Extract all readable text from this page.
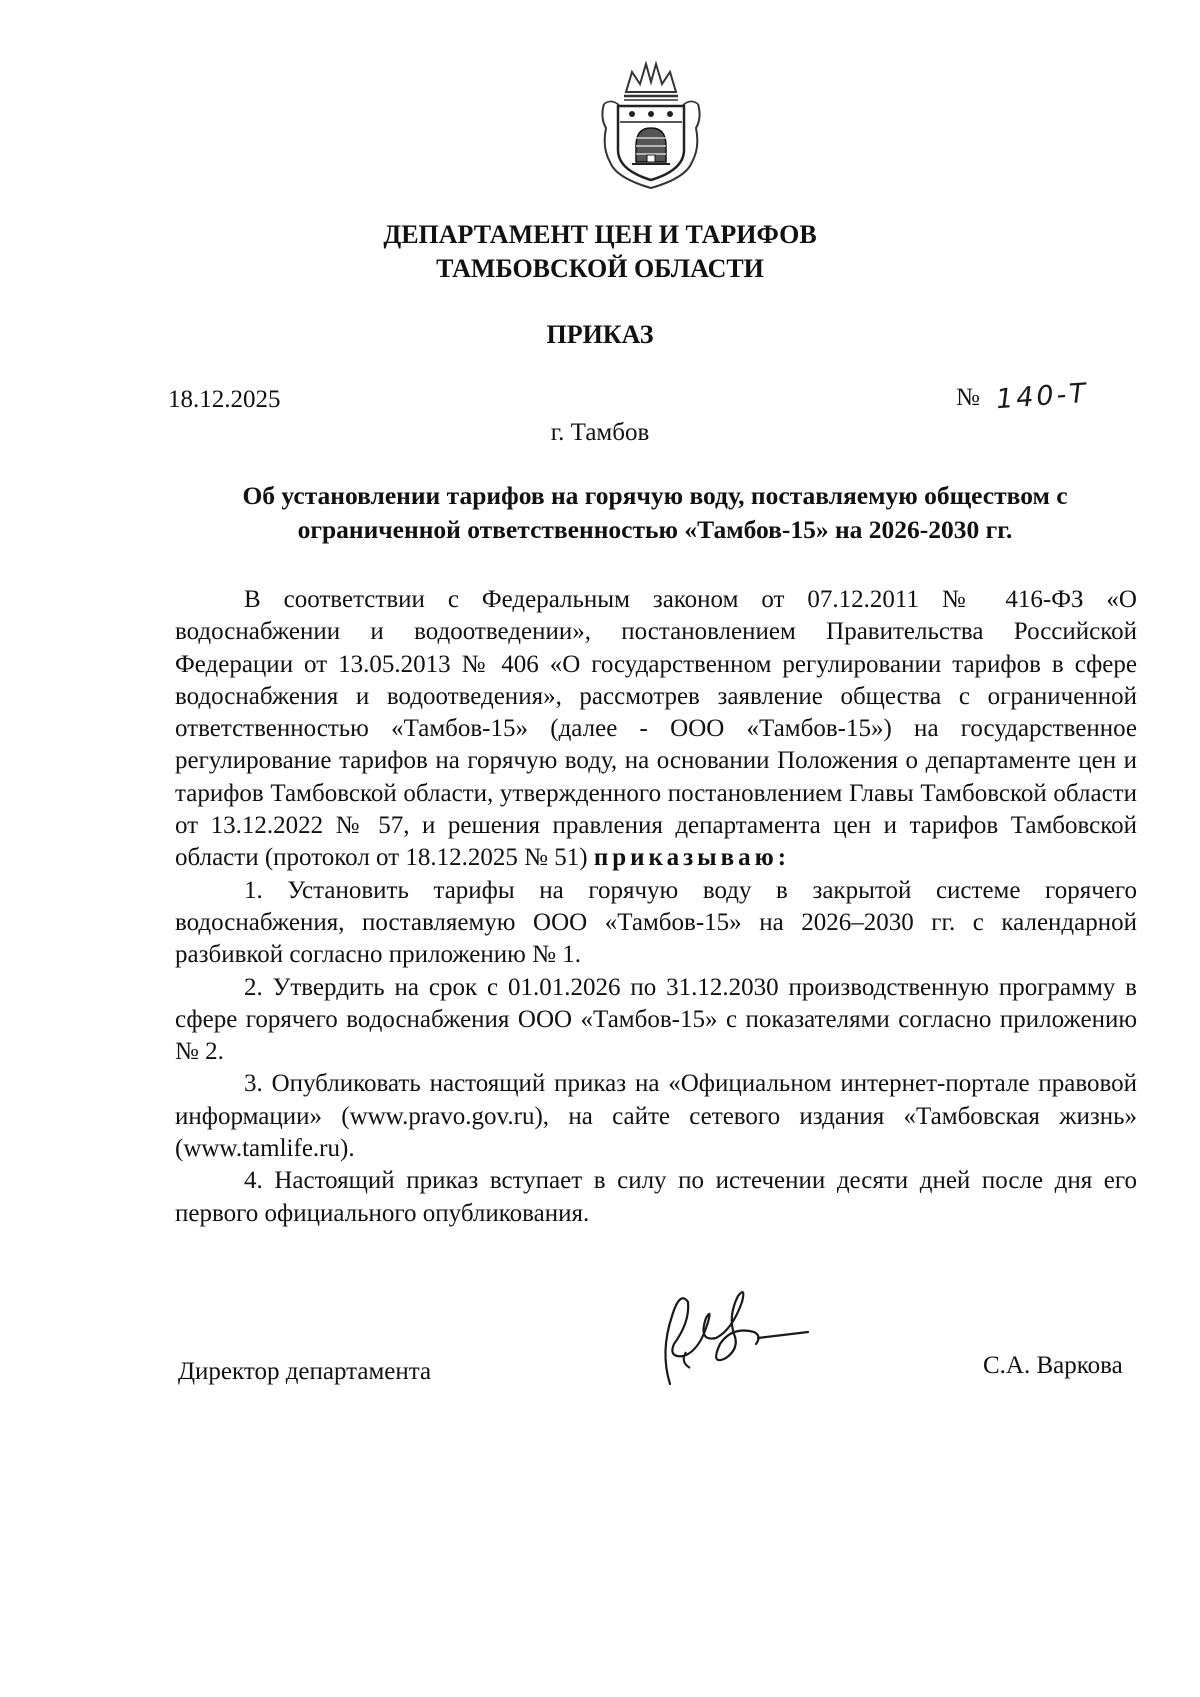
ДЕПАРТАМЕНТ ЦЕН И ТАРИФОВ
ТАМБОВСКОЙ ОБЛАСТИ
ПРИКАЗ
18.12.2025	№ 140-Т
г. Тамбов
Об установлении тарифов на горячую воду, поставляемую обществом с
ограниченной ответственностью «Тамбов-15» на 2026-2030 гг.

В соответствии с Федеральным законом от 07.12.2011 № 416-ФЗ «О водоснабжении и водоотведении», постановлением Правительства Российской Федерации от 13.05.2013 № 406 «О государственном регулировании тарифов в сфере водоснабжения и водоотведения», рассмотрев заявление общества с ограниченной ответственностью «Тамбов-15» (далее - ООО «Тамбов-15») на государственное регулирование тарифов на горячую воду, на основании Положения о департаменте цен и тарифов Тамбовской области, утвержденного постановлением Главы Тамбовской области от 13.12.2022 № 57, и решения правления департамента цен и тарифов Тамбовской области (протокол от 18.12.2025 № 51) приказываю:

1. Установить тарифы на горячую воду в закрытой системе горячего водоснабжения, поставляемую ООО «Тамбов-15» на 2026–2030 гг. с календарной разбивкой согласно приложению № 1.

2. Утвердить на срок с 01.01.2026 по 31.12.2030 производственную программу в сфере горячего водоснабжения ООО «Тамбов-15» с показателями согласно приложению № 2.

3. Опубликовать настоящий приказ на «Официальном интернет-портале правовой информации» (www.pravo.gov.ru), на сайте сетевого издания «Тамбовская жизнь» (www.tamlife.ru).

4. Настоящий приказ вступает в силу по истечении десяти дней после дня его первого официального опубликования.

Директор департамента	С.А. Варкова
